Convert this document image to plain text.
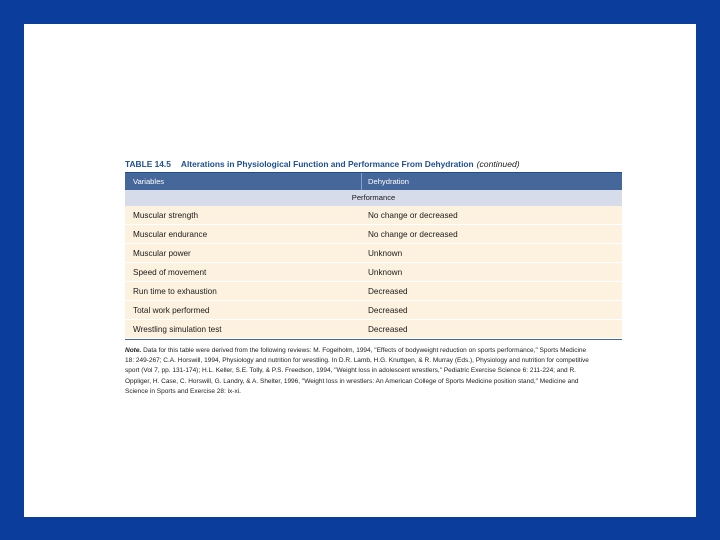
TABLE 14.5 Alterations in Physiological Function and Performance From Dehydration (continued)
Variables	Dehydration
Performance
Muscular strength	No change or decreased
Muscular endurance	No change or decreased
Muscular power	Unknown
Speed of movement	Unknown
Run time to exhaustion	Decreased
Total work performed	Decreased
Wrestling simulation test	Decreased
Note. Data for this table were derived from the following reviews: M. Fogelholm, 1994, "Effects of bodyweight reduction on sports performance," Sports Medicine 18: 249-267; C.A. Horswill, 1994, Physiology and nutrition for wrestling. In D.R. Lamb, H.G. Knuttgen, & R. Murray (Eds.), Physiology and nutrition for competitive sport (Vol 7, pp. 131-174); H.L. Keller, S.E. Tolly, & P.S. Freedson, 1994, "Weight loss in adolescent wrestlers," Pediatric Exercise Science 6: 211-224; and R. Oppliger, H. Case, C. Horswill, G. Landry, & A. Shelter, 1996, "Weight loss in wrestlers: An American College of Sports Medicine position stand," Medicine and Science in Sports and Exercise 28: ix-xi.
